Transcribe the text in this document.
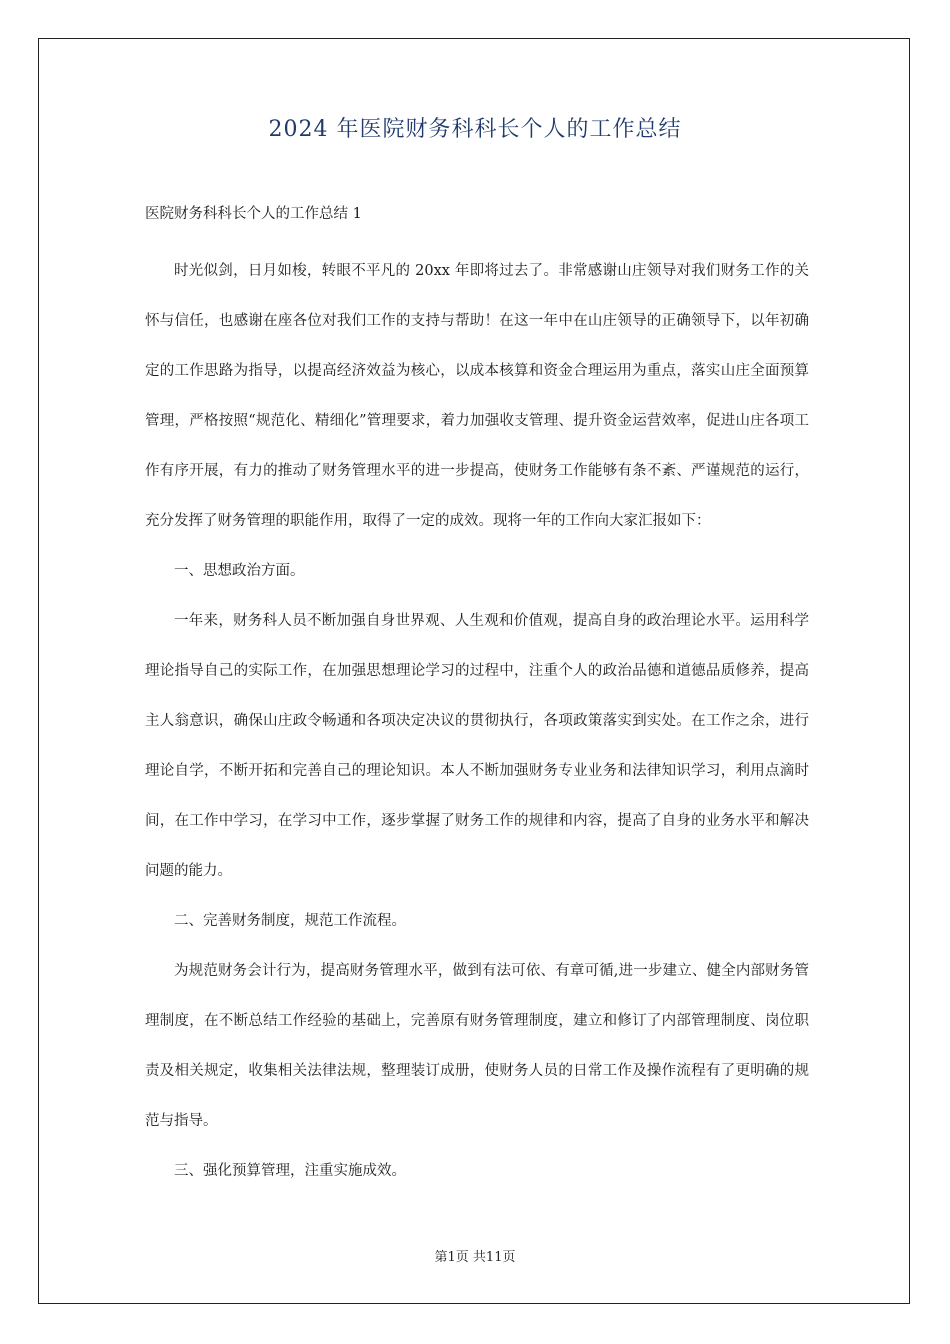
2024 年医院财务科科长个人的工作总结
医院财务科科长个人的工作总结 1

时光似剑，日月如梭，转眼不平凡的 20xx 年即将过去了。非常感谢山庄领导对我们财务工作的关怀与信任，也感谢在座各位对我们工作的支持与帮助！在这一年中在山庄领导的正确领导下，以年初确定的工作思路为指导，以提高经济效益为核心，以成本核算和资金合理运用为重点，落实山庄全面预算管理，严格按照“规范化、精细化”管理要求，着力加强收支管理、提升资金运营效率，促进山庄各项工作有序开展，有力的推动了财务管理水平的进一步提高，使财务工作能够有条不紊、严谨规范的运行，充分发挥了财务管理的职能作用，取得了一定的成效。现将一年的工作向大家汇报如下：

一、思想政治方面。

一年来，财务科人员不断加强自身世界观、人生观和价值观，提高自身的政治理论水平。运用科学理论指导自己的实际工作，在加强思想理论学习的过程中，注重个人的政治品德和道德品质修养，提高主人翁意识，确保山庄政令畅通和各项决定决议的贯彻执行，各项政策落实到实处。在工作之余，进行理论自学，不断开拓和完善自己的理论知识。本人不断加强财务专业业务和法律知识学习，利用点滴时间，在工作中学习，在学习中工作，逐步掌握了财务工作的规律和内容，提高了自身的业务水平和解决问题的能力。

二、完善财务制度，规范工作流程。

为规范财务会计行为，提高财务管理水平，做到有法可依、有章可循,进一步建立、健全内部财务管理制度，在不断总结工作经验的基础上，完善原有财务管理制度，建立和修订了内部管理制度、岗位职责及相关规定，收集相关法律法规，整理装订成册，使财务人员的日常工作及操作流程有了更明确的规范与指导。

三、强化预算管理，注重实施成效。

第1页 共11页
